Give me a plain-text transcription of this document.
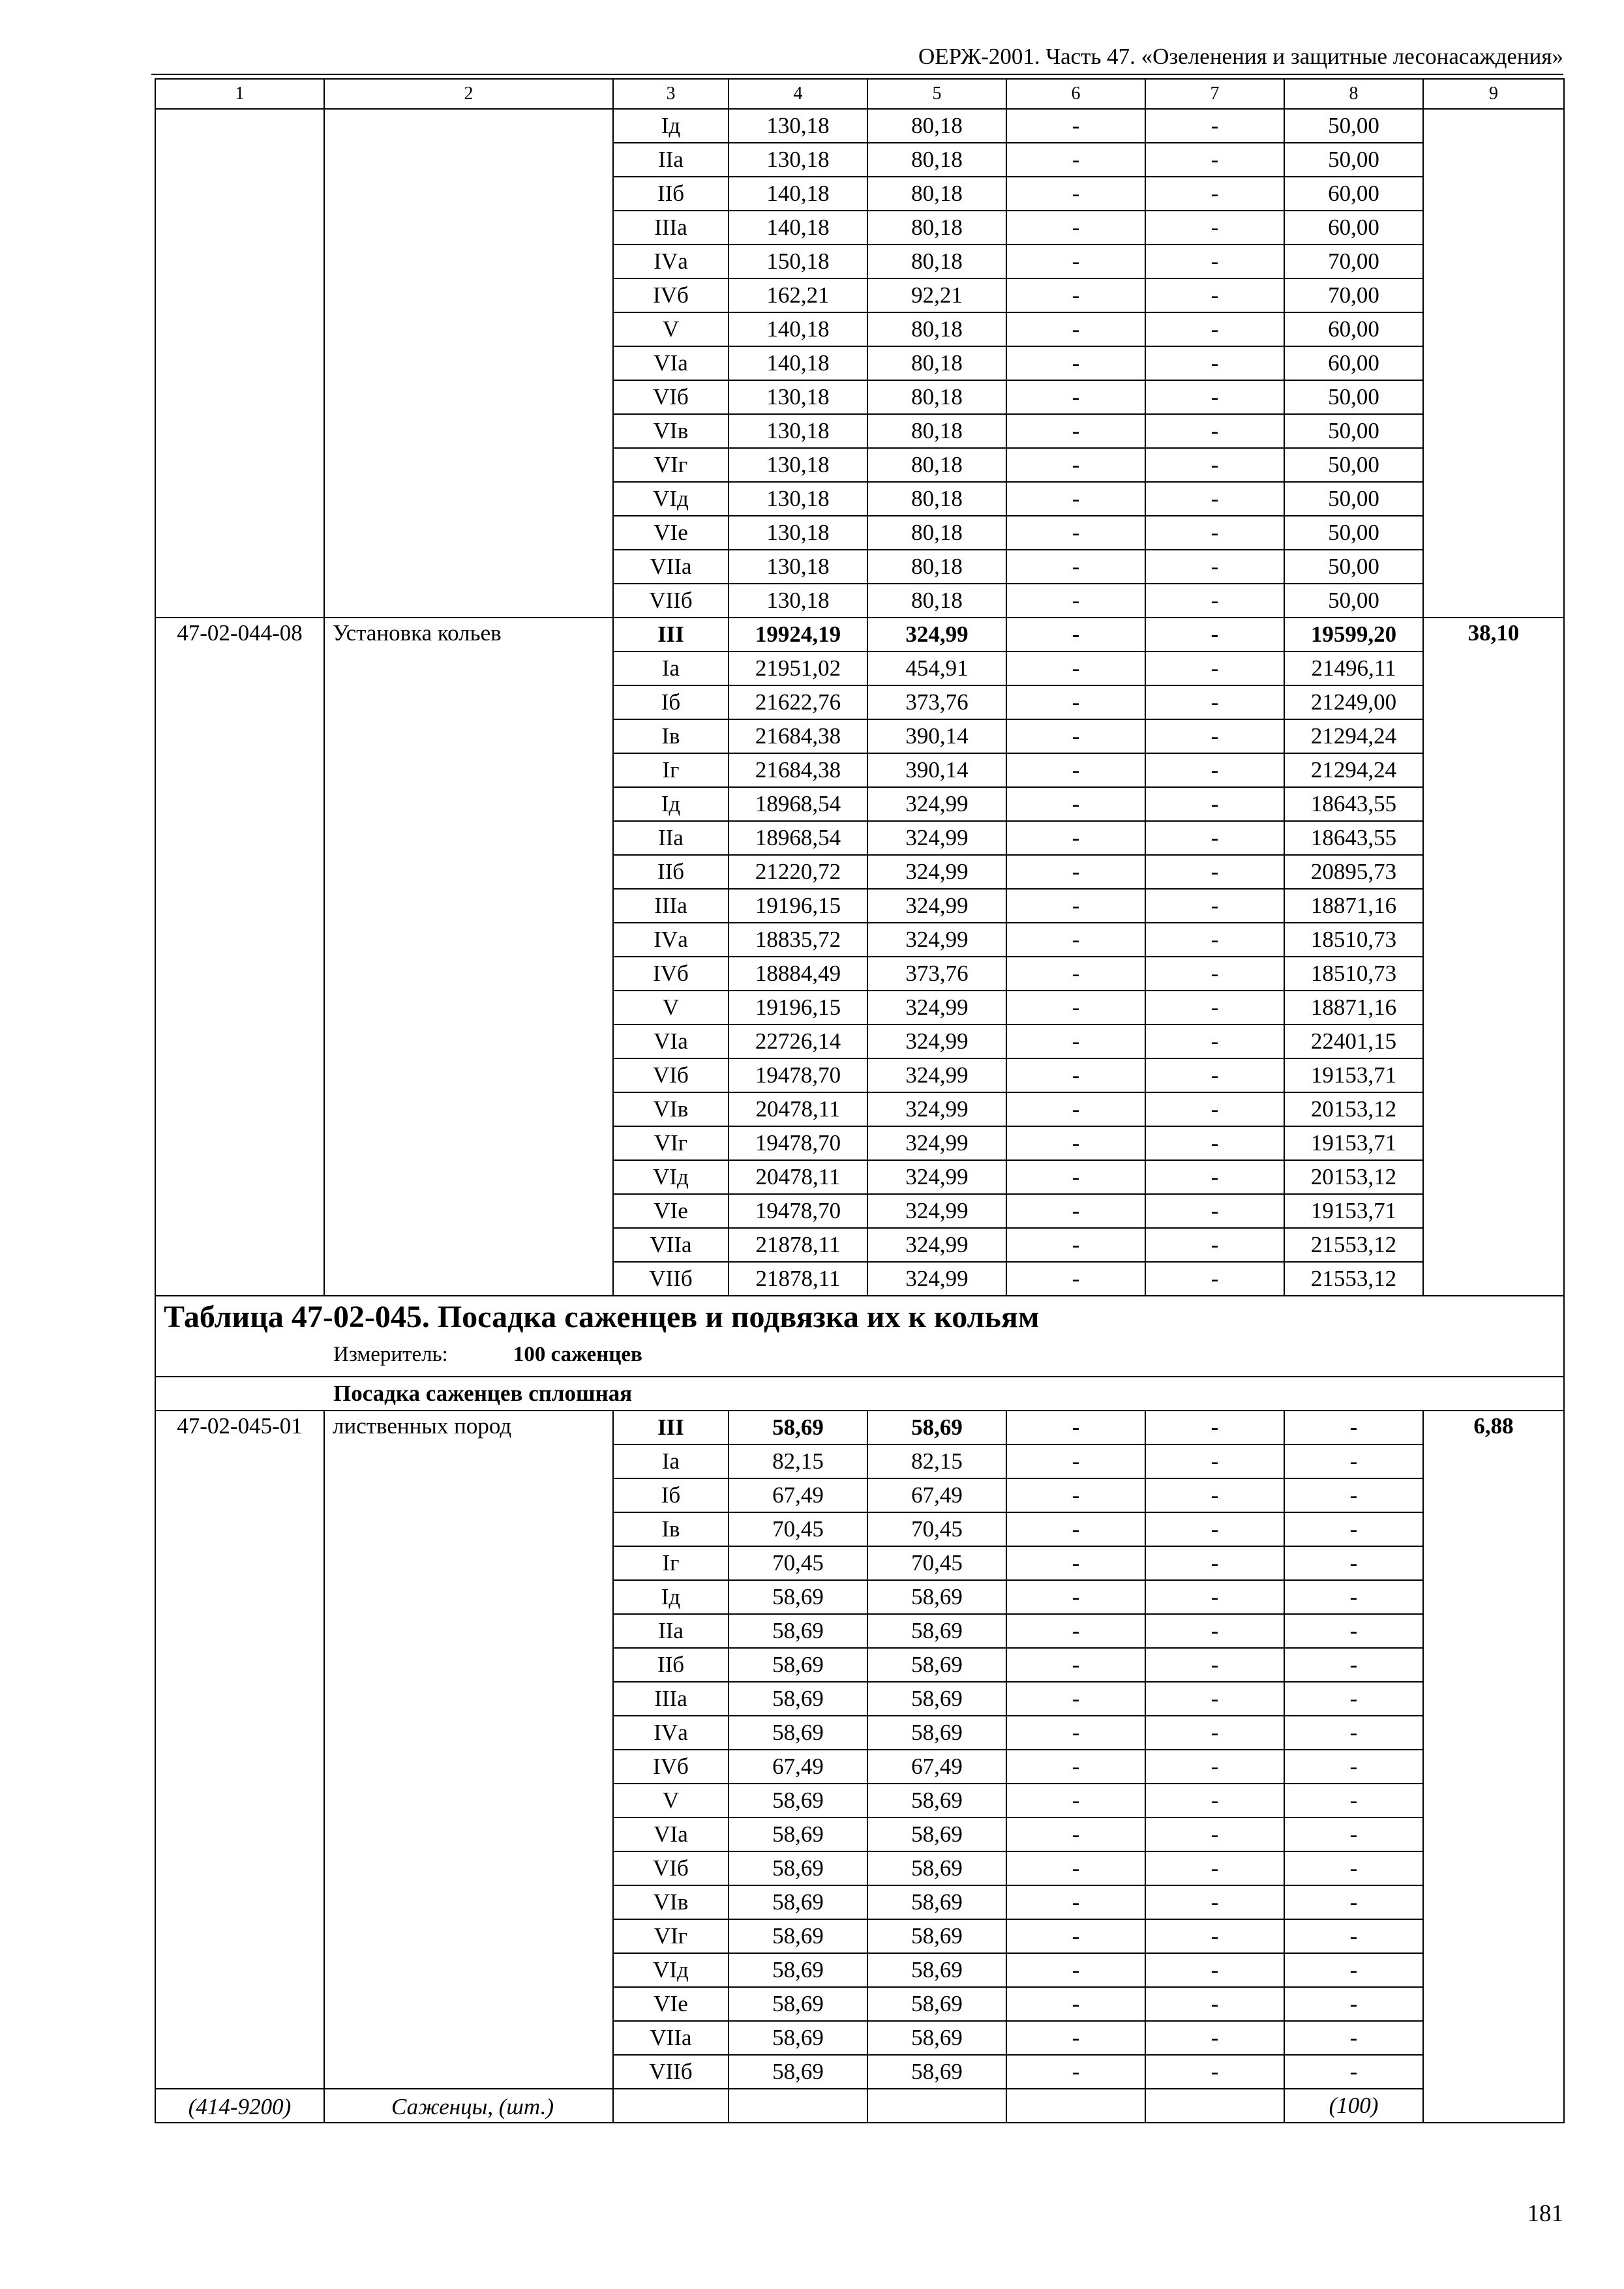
ОЕРЖ-2001. Часть 47. «Озеленения и защитные лесонасаждения»
1	2	3	4	5	6	7	8	9
		Iд	130,18	80,18	-	-	50,00	
		IIа	130,18	80,18	-	-	50,00	
		IIб	140,18	80,18	-	-	60,00	
		IIIа	140,18	80,18	-	-	60,00	
		IVа	150,18	80,18	-	-	70,00	
		IVб	162,21	92,21	-	-	70,00	
		V	140,18	80,18	-	-	60,00	
		VIа	140,18	80,18	-	-	60,00	
		VIб	130,18	80,18	-	-	50,00	
		VIв	130,18	80,18	-	-	50,00	
		VIг	130,18	80,18	-	-	50,00	
		VIд	130,18	80,18	-	-	50,00	
		VIе	130,18	80,18	-	-	50,00	
		VIIа	130,18	80,18	-	-	50,00	
		VIIб	130,18	80,18	-	-	50,00	
47-02-044-08	Установка кольев	III	19924,19	324,99	-	-	19599,20	38,10
		Iа	21951,02	454,91	-	-	21496,11	
		Iб	21622,76	373,76	-	-	21249,00	
		Iв	21684,38	390,14	-	-	21294,24	
		Iг	21684,38	390,14	-	-	21294,24	
		Iд	18968,54	324,99	-	-	18643,55	
		IIа	18968,54	324,99	-	-	18643,55	
		IIб	21220,72	324,99	-	-	20895,73	
		IIIа	19196,15	324,99	-	-	18871,16	
		IVа	18835,72	324,99	-	-	18510,73	
		IVб	18884,49	373,76	-	-	18510,73	
		V	19196,15	324,99	-	-	18871,16	
		VIа	22726,14	324,99	-	-	22401,15	
		VIб	19478,70	324,99	-	-	19153,71	
		VIв	20478,11	324,99	-	-	20153,12	
		VIг	19478,70	324,99	-	-	19153,71	
		VIд	20478,11	324,99	-	-	20153,12	
		VIе	19478,70	324,99	-	-	19153,71	
		VIIа	21878,11	324,99	-	-	21553,12	
		VIIб	21878,11	324,99	-	-	21553,12	

Таблица 47-02-045. Посадка саженцев и подвязка их к кольям
Измеритель: 100 саженцев								

Посадка саженцев сплошная								
47-02-045-01	лиственных пород	III	58,69	58,69	-	-	-	6,88
		Iа	82,15	82,15	-	-	-	
		Iб	67,49	67,49	-	-	-	
		Iв	70,45	70,45	-	-	-	
		Iг	70,45	70,45	-	-	-	
		Iд	58,69	58,69	-	-	-	
		IIа	58,69	58,69	-	-	-	
		IIб	58,69	58,69	-	-	-	
		IIIа	58,69	58,69	-	-	-	
		IVа	58,69	58,69	-	-	-	
		IVб	67,49	67,49	-	-	-	
		V	58,69	58,69	-	-	-	
		VIа	58,69	58,69	-	-	-	
		VIб	58,69	58,69	-	-	-	
		VIв	58,69	58,69	-	-	-	
		VIг	58,69	58,69	-	-	-	
		VIд	58,69	58,69	-	-	-	
		VIе	58,69	58,69	-	-	-	
		VIIа	58,69	58,69	-	-	-	
		VIIб	58,69	58,69	-	-	-	
(414-9200)	Саженцы, (шт.)						(100)	
181
